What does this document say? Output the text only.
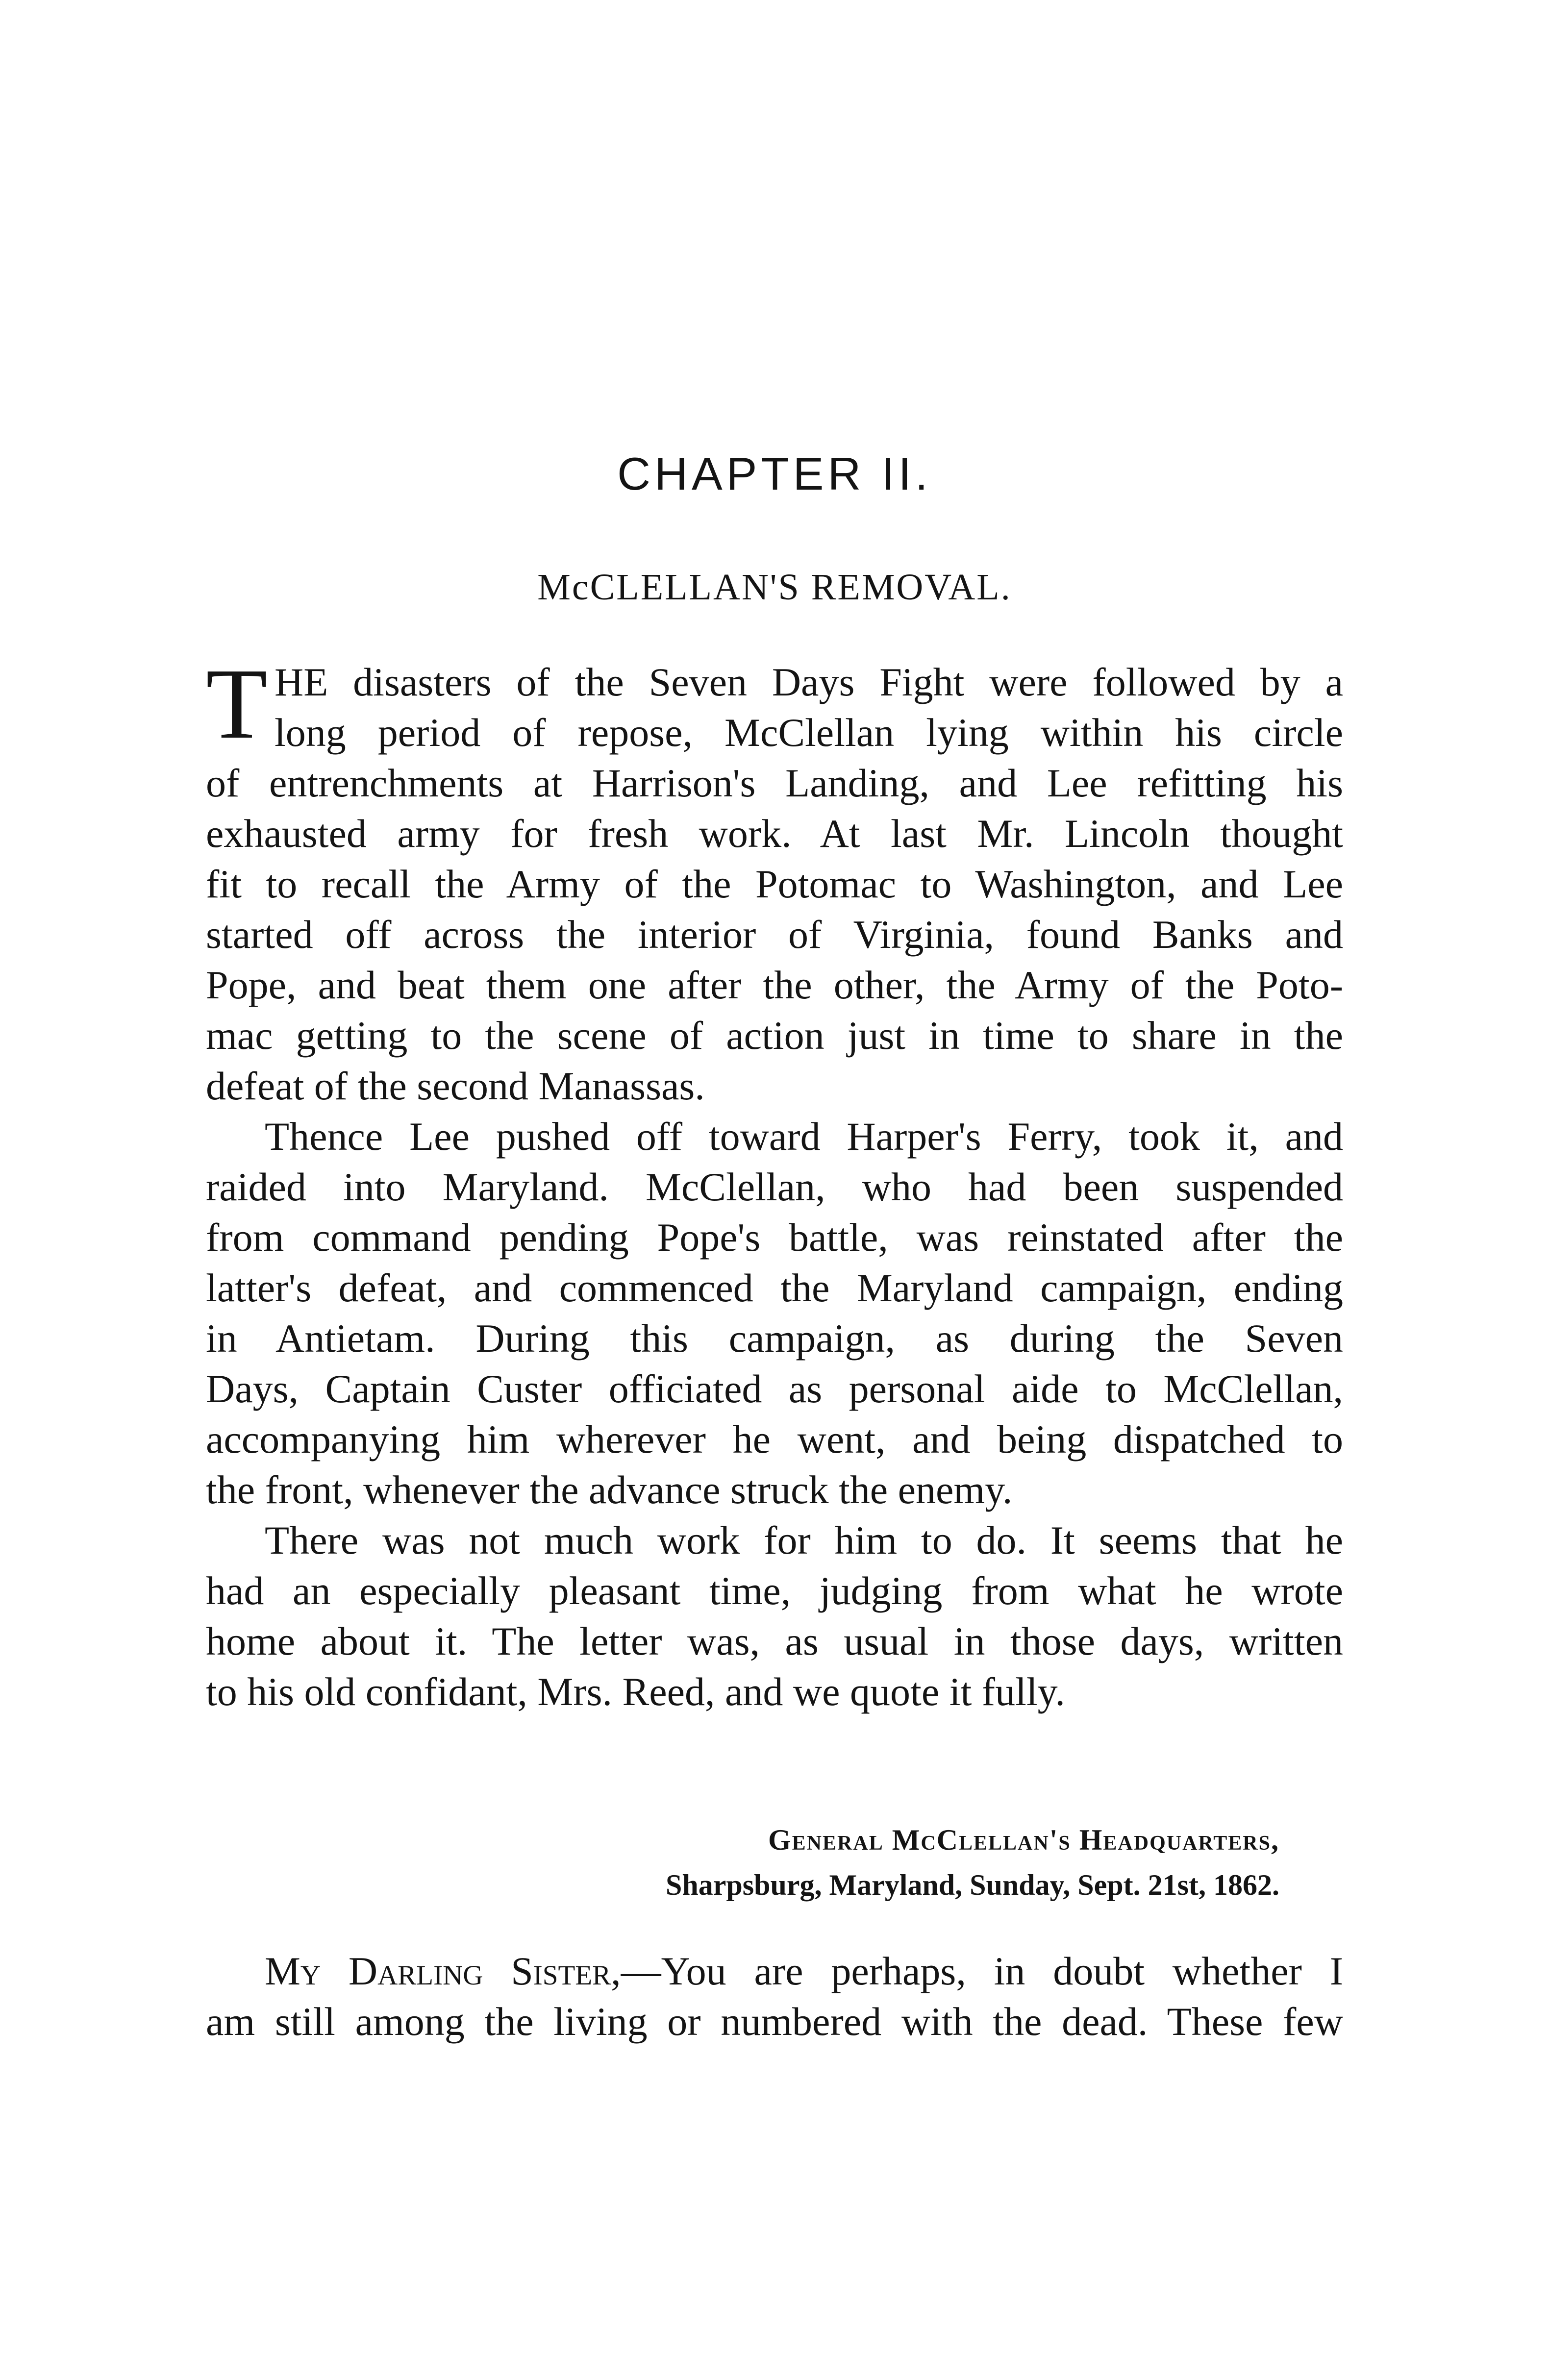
CHAPTER II.
McCLELLAN'S REMOVAL.
T HE disasters of the Seven Days Fight were followed by a
long period of repose, McClellan lying within his circle
of entrenchments at Harrison's Landing, and Lee refitting his
exhausted army for fresh work. At last Mr. Lincoln thought
fit to recall the Army of the Potomac to Washington, and Lee
started off across the interior of Virginia, found Banks and
Pope, and beat them one after the other, the Army of the Poto-
mac getting to the scene of action just in time to share in the
defeat of the second Manassas.
Thence Lee pushed off toward Harper's Ferry, took it, and
raided into Maryland. McClellan, who had been suspended
from command pending Pope's battle, was reinstated after the
latter's defeat, and commenced the Maryland campaign, ending
in Antietam. During this campaign, as during the Seven
Days, Captain Custer officiated as personal aide to McClellan,
accompanying him wherever he went, and being dispatched to
the front, whenever the advance struck the enemy.
There was not much work for him to do. It seems that he
had an especially pleasant time, judging from what he wrote
home about it. The letter was, as usual in those days, written
to his old confidant, Mrs. Reed, and we quote it fully.
General McClellan's Headquarters,
Sharpsburg, Maryland, Sunday, Sept. 21st, 1862.
My Darling Sister,—You are perhaps, in doubt whether I
am still among the living or numbered with the dead. These few
